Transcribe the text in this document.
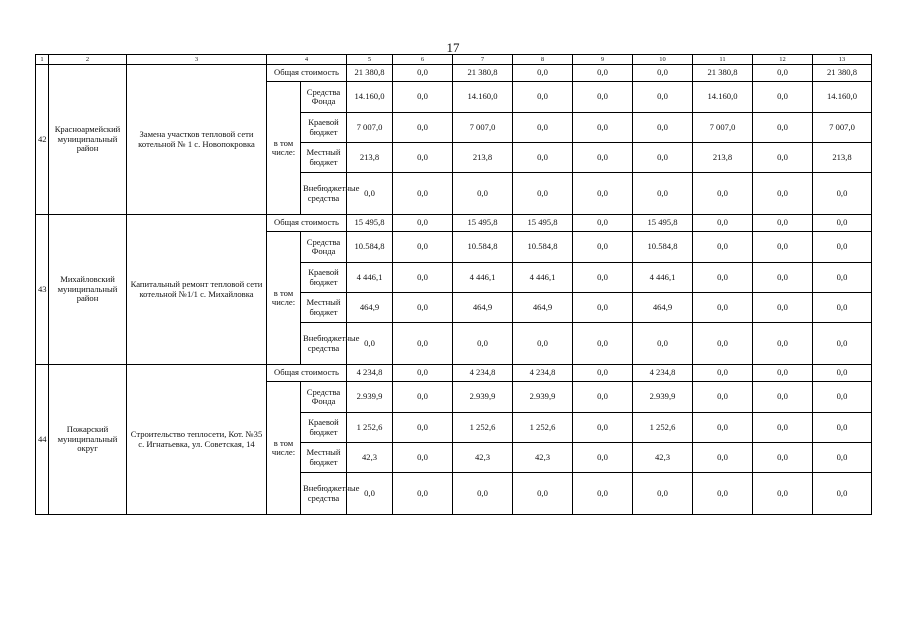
17
1	2	3	4		5	6	7	8	9	10	11	12	13
42	Красноармейский муниципальный район	Замена участков тепловой сети котельной № 1 с. Новопокровка	Общая стоимость		21 380,8	0,0	21 380,8	0,0	0,0	0,0	21 380,8	0,0	21 380,8
			в том числе:	Средства Фонда	14.160,0	0,0	14.160,0	0,0	0,0	0,0	14.160,0	0,0	14.160,0
				Краевой бюджет	7 007,0	0,0	7 007,0	0,0	0,0	0,0	7 007,0	0,0	7 007,0
				Местный бюджет	213,8	0,0	213,8	0,0	0,0	0,0	213,8	0,0	213,8
				Внебюджетные средства	0,0	0,0	0,0	0,0	0,0	0,0	0,0	0,0	0,0
43	Михайловский муниципальный район	Капитальный ремонт тепловой сети котельной №1/1 с. Михайловка	Общая стоимость		15 495,8	0,0	15 495,8	15 495,8	0,0	15 495,8	0,0	0,0	0,0
			в том числе:	Средства Фонда	10.584,8	0,0	10.584,8	10.584,8	0,0	10.584,8	0,0	0,0	0,0
				Краевой бюджет	4 446,1	0,0	4 446,1	4 446,1	0,0	4 446,1	0,0	0,0	0,0
				Местный бюджет	464,9	0,0	464,9	464,9	0,0	464,9	0,0	0,0	0,0
				Внебюджетные средства	0,0	0,0	0,0	0,0	0,0	0,0	0,0	0,0	0,0
44	Пожарский муниципальный округ	Строительство теплосети, Кот. №35 с. Игнатьевка, ул. Советская, 14	Общая стоимость		4 234,8	0,0	4 234,8	4 234,8	0,0	4 234,8	0,0	0,0	0,0
			в том числе:	Средства Фонда	2.939,9	0,0	2.939,9	2.939,9	0,0	2.939,9	0,0	0,0	0,0
				Краевой бюджет	1 252,6	0,0	1 252,6	1 252,6	0,0	1 252,6	0,0	0,0	0,0
				Местный бюджет	42,3	0,0	42,3	42,3	0,0	42,3	0,0	0,0	0,0
				Внебюджетные средства	0,0	0,0	0,0	0,0	0,0	0,0	0,0	0,0	0,0
